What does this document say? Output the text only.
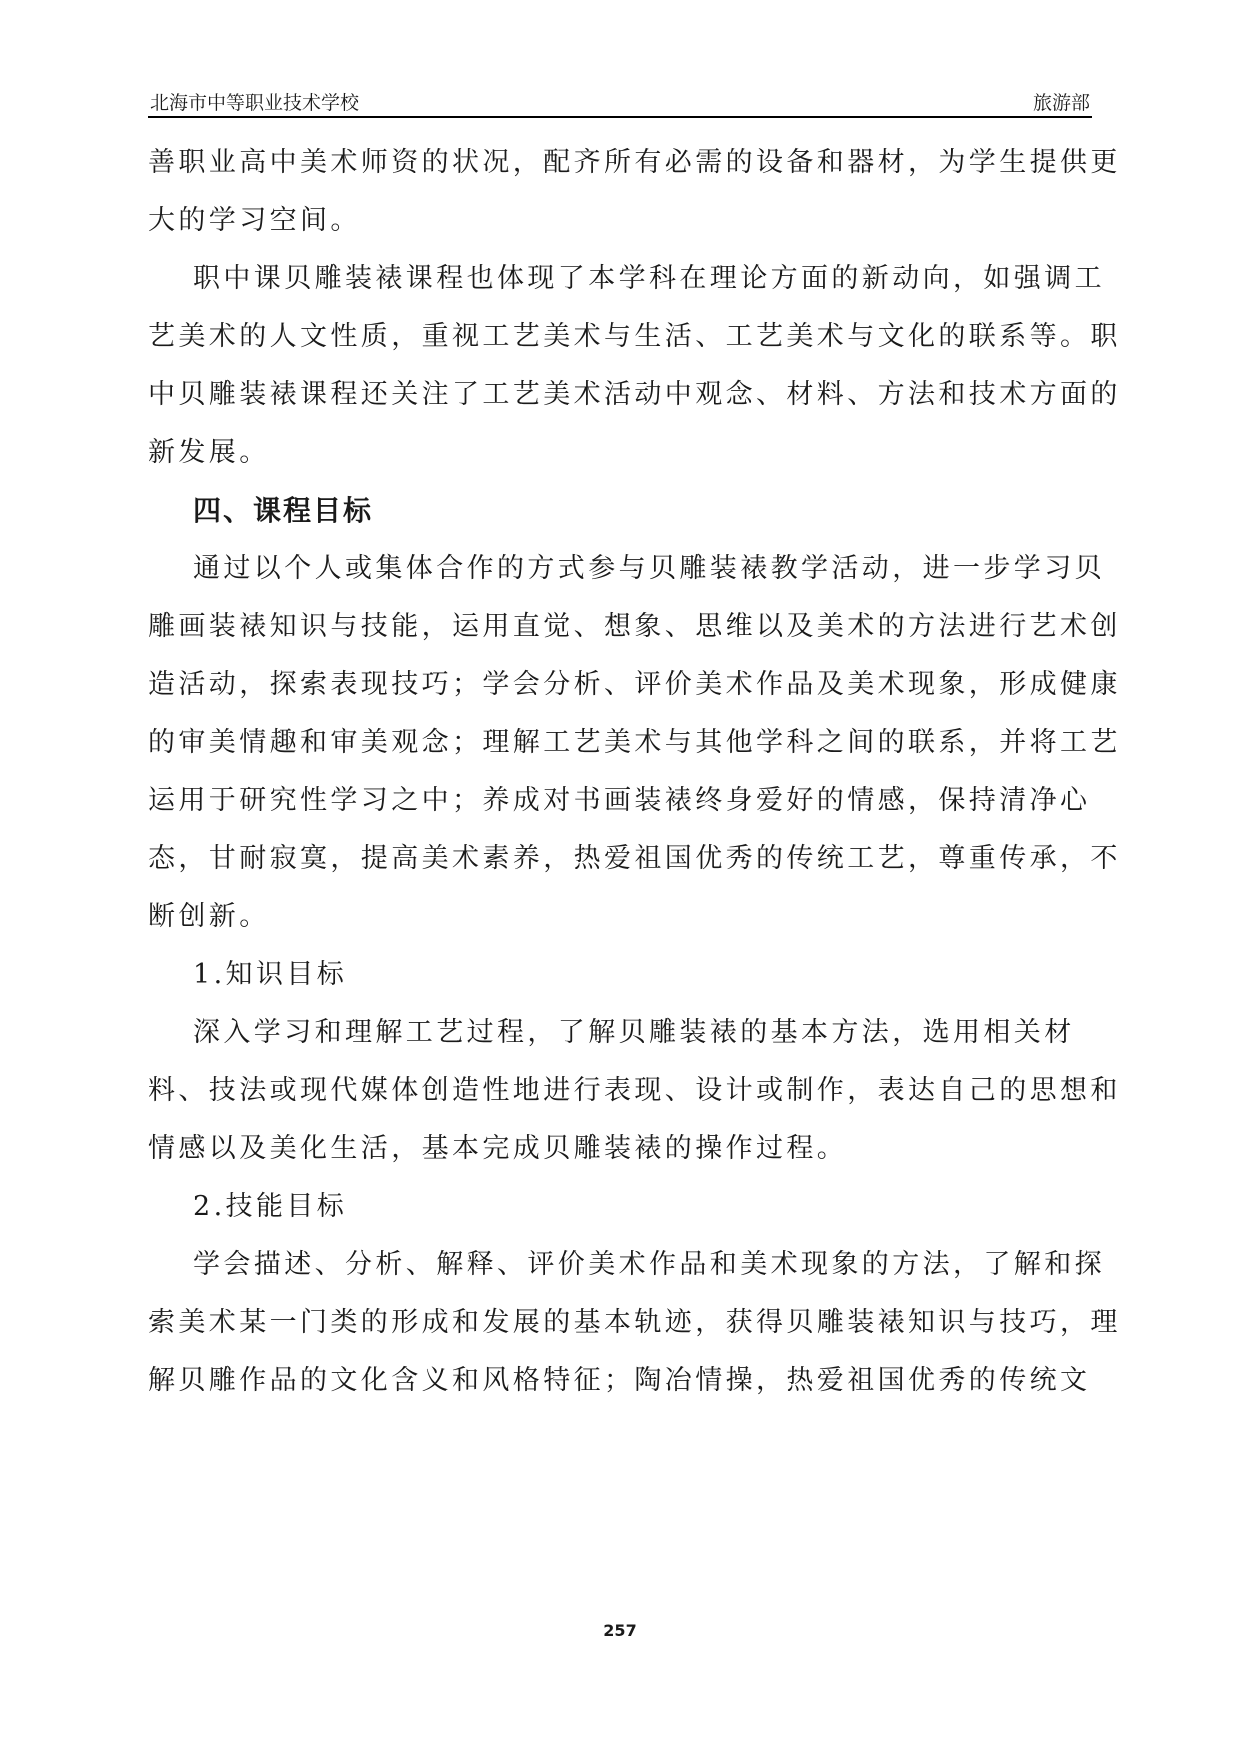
北海市中等职业技术学校	旅游部
善职业高中美术师资的状况，配齐所有必需的设备和器材，为学生提供更
大的学习空间。
职中课贝雕装裱课程也体现了本学科在理论方面的新动向，如强调工
艺美术的人文性质，重视工艺美术与生活、工艺美术与文化的联系等。职
中贝雕装裱课程还关注了工艺美术活动中观念、材料、方法和技术方面的
新发展。
四、课程目标
通过以个人或集体合作的方式参与贝雕装裱教学活动，进一步学习贝
雕画装裱知识与技能，运用直觉、想象、思维以及美术的方法进行艺术创
造活动，探索表现技巧；学会分析、评价美术作品及美术现象，形成健康
的审美情趣和审美观念；理解工艺美术与其他学科之间的联系，并将工艺
运用于研究性学习之中；养成对书画装裱终身爱好的情感，保持清净心
态，甘耐寂寞，提高美术素养，热爱祖国优秀的传统工艺，尊重传承，不
断创新。
1.知识目标
深入学习和理解工艺过程，了解贝雕装裱的基本方法，选用相关材
料、技法或现代媒体创造性地进行表现、设计或制作，表达自己的思想和
情感以及美化生活，基本完成贝雕装裱的操作过程。
2.技能目标
学会描述、分析、解释、评价美术作品和美术现象的方法，了解和探
索美术某一门类的形成和发展的基本轨迹，获得贝雕装裱知识与技巧，理
解贝雕作品的文化含义和风格特征；陶冶情操，热爱祖国优秀的传统文
257
